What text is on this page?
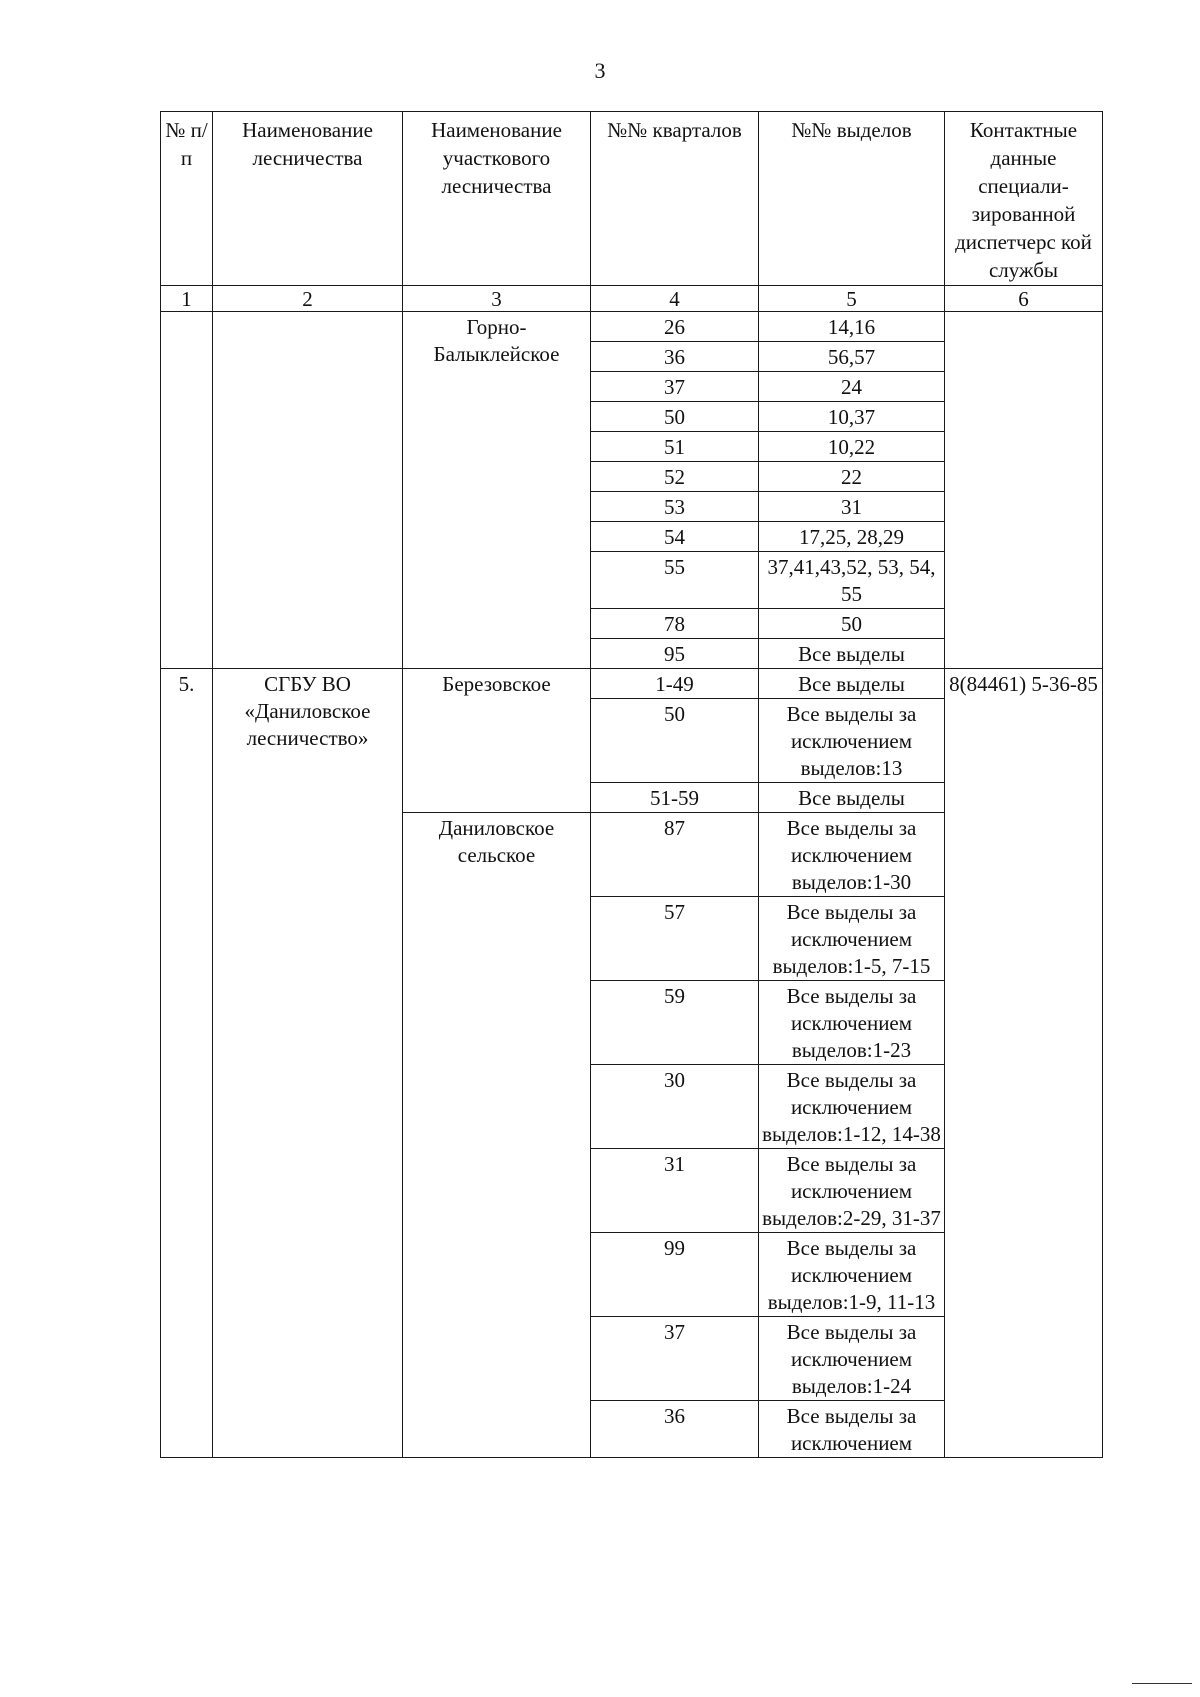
3
№ п/п	Наименование лесничества	Наименование участкового лесничества	№№ кварталов	№№ выделов	Контактные данные специали-зированной диспетчерс кой службы
1	2	3	4	5	6
		Горно-Балыклейское	26	14,16	
			36	56,57	
			37	24	
			50	10,37	
			51	10,22	
			52	22	
			53	31	
			54	17,25, 28,29	
			55	37,41,43,52, 53, 54, 55	
			78	50	
			95	Все выделы	
5.	СГБУ ВО «Даниловское лесничество»	Березовское	1-49	Все выделы	8(84461) 5-36-85
			50	Все выделы за исключением выделов:13	
			51-59	Все выделы	
		Даниловское сельское	87	Все выделы за исключением выделов:1-30	
			57	Все выделы за исключением выделов:1-5, 7-15	
			59	Все выделы за исключением выделов:1-23	
			30	Все выделы за исключением выделов:1-12, 14-38	
			31	Все выделы за исключением выделов:2-29, 31-37	
			99	Все выделы за исключением выделов:1-9, 11-13	
			37	Все выделы за исключением выделов:1-24	
			36	Все выделы за исключением	
